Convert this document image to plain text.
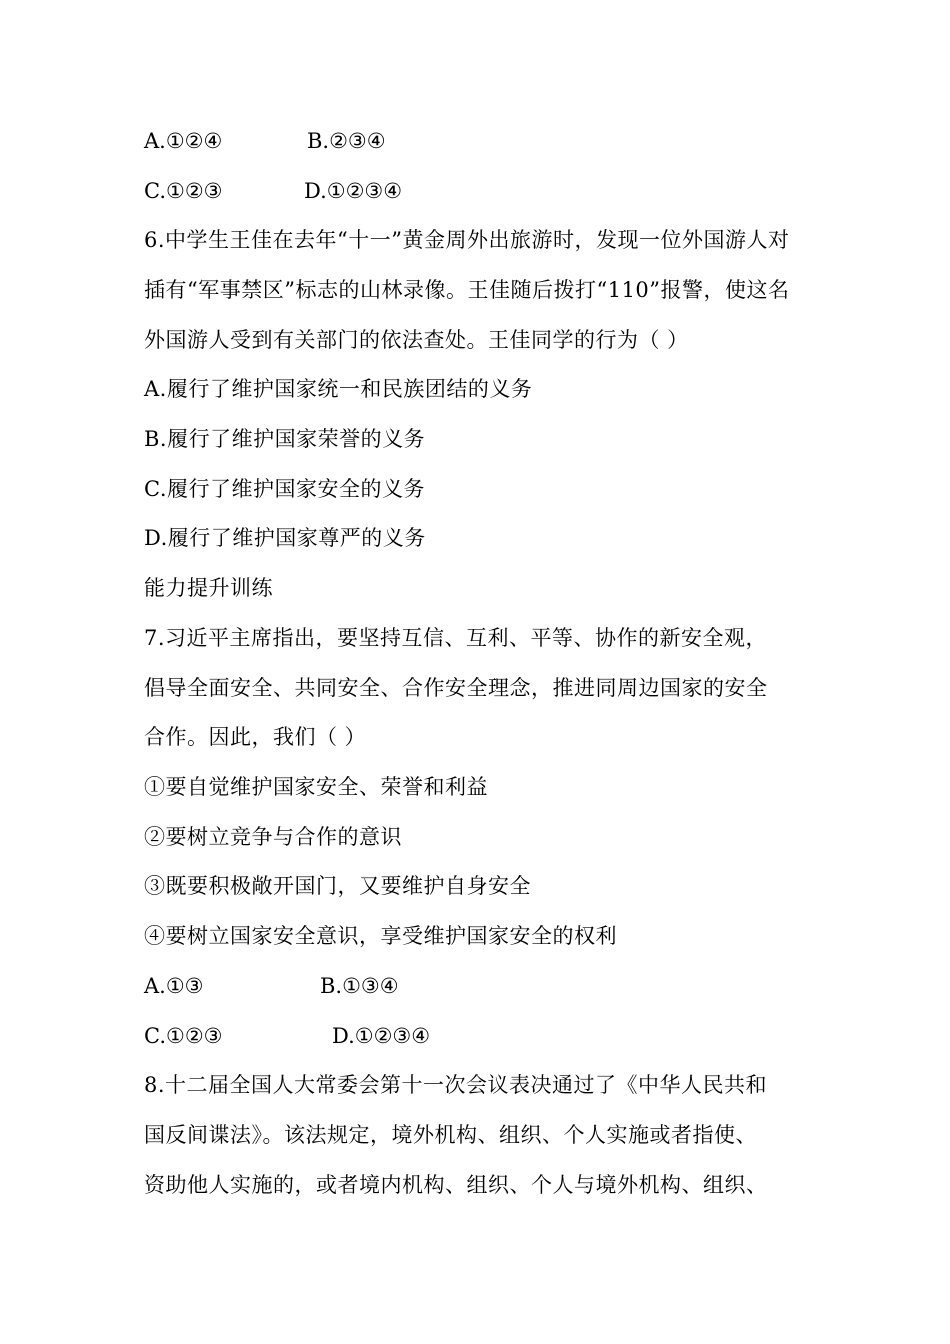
A.①②④	B.②③④
C.①②③	D.①②③④
6.中学生王佳在去年“十一”黄金周外出旅游时，发现一位外国游人对
插有“军事禁区”标志的山林录像。王佳随后拨打“110”报警，使这名
外国游人受到有关部门的依法查处。王佳同学的行为（ ）
A.履行了维护国家统一和民族团结的义务
B.履行了维护国家荣誉的义务
C.履行了维护国家安全的义务
D.履行了维护国家尊严的义务
能力提升训练
7.习近平主席指出，要坚持互信、互利、平等、协作的新安全观，
倡导全面安全、共同安全、合作安全理念，推进同周边国家的安全
合作。因此，我们（ ）
①要自觉维护国家安全、荣誉和利益
②要树立竞争与合作的意识
③既要积极敞开国门，又要维护自身安全
④要树立国家安全意识，享受维护国家安全的权利
A.①③	B.①③④
C.①②③	D.①②③④
8.十二届全国人大常委会第十一次会议表决通过了《中华人民共和
国反间谍法》。该法规定，境外机构、组织、个人实施或者指使、
资助他人实施的，或者境内机构、组织、个人与境外机构、组织、
